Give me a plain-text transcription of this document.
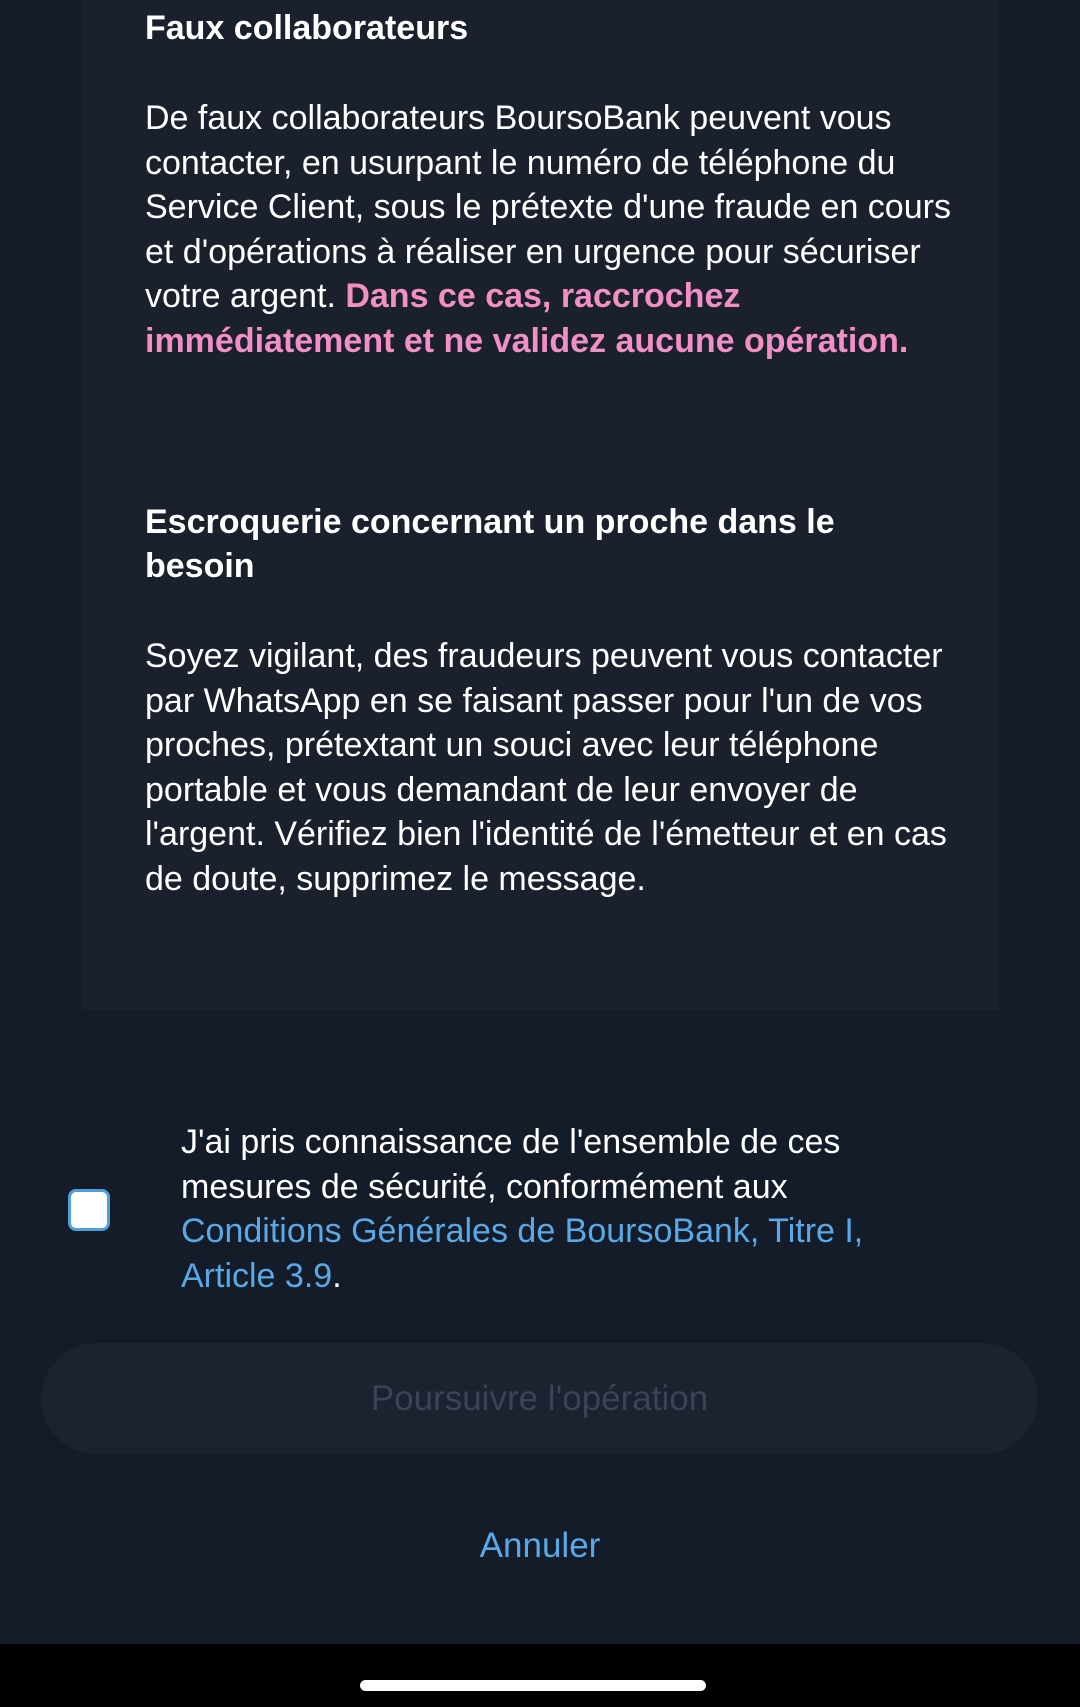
Faux collaborateurs

De faux collaborateurs BoursoBank peuvent vous contacter, en usurpant le numéro de téléphone du Service Client, sous le prétexte d'une fraude en cours et d'opérations à réaliser en urgence pour sécuriser votre argent. Dans ce cas, raccrochez immédiatement et ne validez aucune opération.

Escroquerie concernant un proche dans le besoin

Soyez vigilant, des fraudeurs peuvent vous contacter par WhatsApp en se faisant passer pour l'un de vos proches, prétextant un souci avec leur téléphone portable et vous demandant de leur envoyer de l'argent. Vérifiez bien l'identité de l'émetteur et en cas de doute, supprimez le message.

J'ai pris connaissance de l'ensemble de ces mesures de sécurité, conformément aux Conditions Générales de BoursoBank, Titre I, Article 3.9.

Poursuivre l'opération
Annuler
